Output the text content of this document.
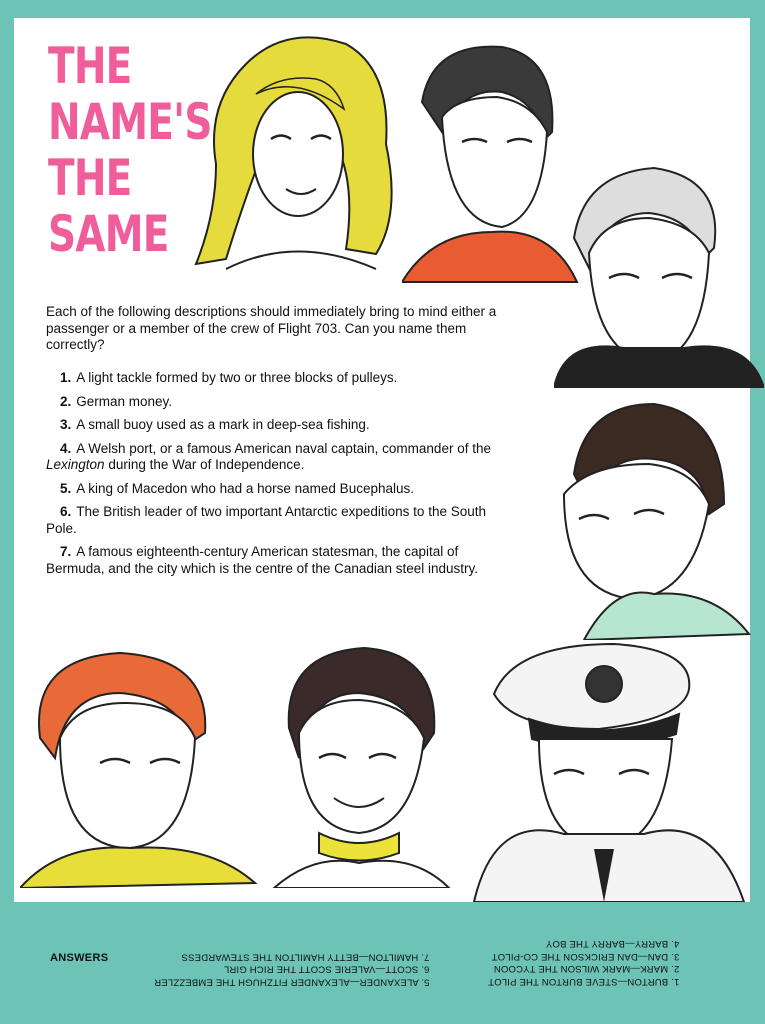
THE
NAME'S
THE
SAME

Each of the following descriptions should immediately bring to mind either a passenger or a member of the crew of Flight 703. Can you name them correctly?

1. A light tackle formed by two or three blocks of pulleys.
2. German money.
3. A small buoy used as a mark in deep-sea fishing.
4. A Welsh port, or a famous American naval captain, commander of the Lexington during the War of Independence.
5. A king of Macedon who had a horse named Bucephalus.
6. The British leader of two important Antarctic expeditions to the South Pole.
7. A famous eighteenth-century American statesman, the capital of Bermuda, and the city which is the centre of the Canadian steel industry.
ANSWERS
5. ALEXANDER—ALEXANDER FITZHUGH THE EMBEZZLER
6. SCOTT—VALERIE SCOTT THE RICH GIRL
7. HAMILTON—BETTY HAMILTON THE STEWARDESS
1. BURTON—STEVE BURTON THE PILOT
2. MARK—MARK WILSON THE TYCOON
3. DAN—DAN ERICKSON THE CO-PILOT
4. BARRY—BARRY THE BOY
